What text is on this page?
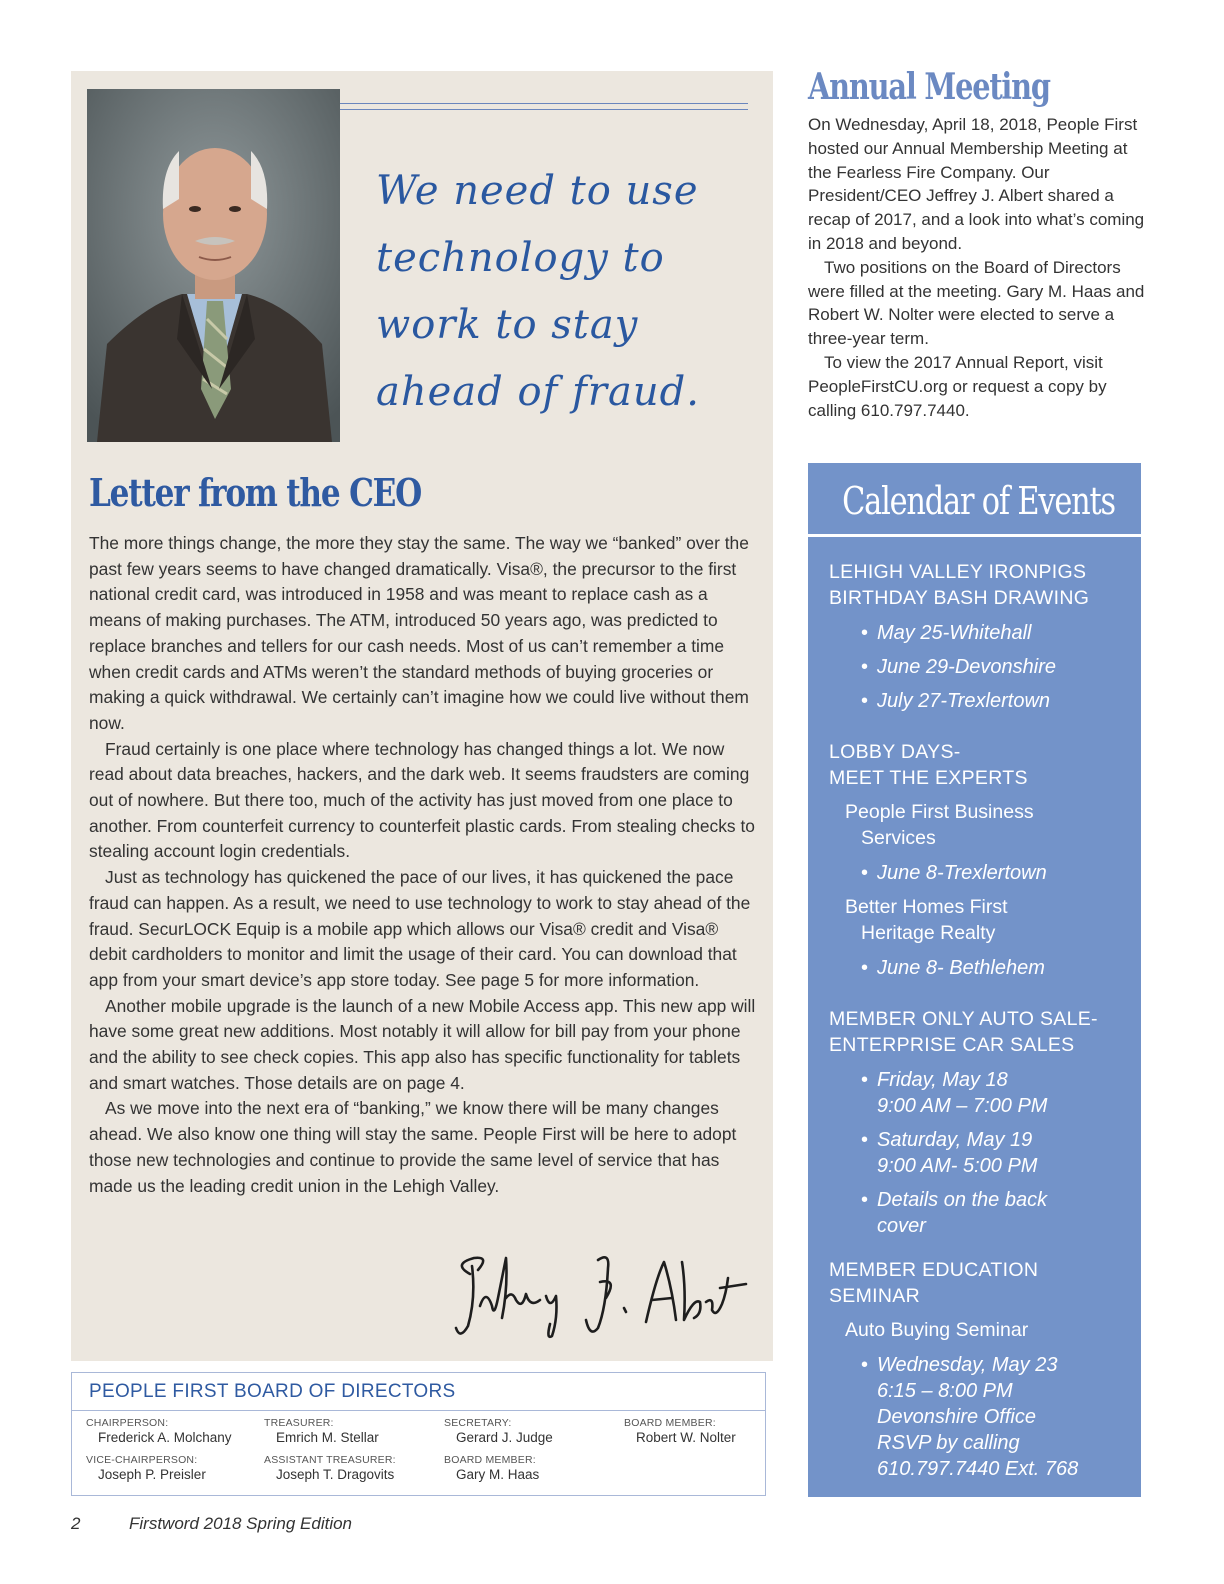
We need to use
technology to
work to stay
ahead of fraud.
Letter from the CEO

The more things change, the more they stay the same. The way we “banked” over the past few years seems to have changed dramatically. Visa®, the precursor to the first national credit card, was introduced in 1958 and was meant to replace cash as a means of making purchases. The ATM, introduced 50 years ago, was predicted to replace branches and tellers for our cash needs. Most of us can’t remember a time when credit cards and ATMs weren’t the standard methods of buying groceries or making a quick withdrawal. We certainly can’t imagine how we could live without them now.

Fraud certainly is one place where technology has changed things a lot. We now read about data breaches, hackers, and the dark web. It seems fraudsters are coming out of nowhere. But there too, much of the activity has just moved from one place to another. From counterfeit currency to counterfeit plastic cards. From stealing checks to stealing account login credentials.

Just as technology has quickened the pace of our lives, it has quickened the pace fraud can happen. As a result, we need to use technology to work to stay ahead of the fraud. SecurLOCK Equip is a mobile app which allows our Visa® credit and Visa® debit cardholders to monitor and limit the usage of their card. You can download that app from your smart device’s app store today. See page 5 for more information.

Another mobile upgrade is the launch of a new Mobile Access app. This new app will have some great new additions. Most notably it will allow for bill pay from your phone and the ability to see check copies. This app also has specific functionality for tablets and smart watches. Those details are on page 4.

As we move into the next era of “banking,” we know there will be many changes ahead. We also know one thing will stay the same. People First will be here to adopt those new technologies and continue to provide the same level of service that has made us the leading credit union in the Lehigh Valley.

PEOPLE FIRST BOARD OF DIRECTORS
CHAIRPERSON:
Frederick A. Molchany
TREASURER:
Emrich M. Stellar
SECRETARY:
Gerard J. Judge
BOARD MEMBER:
Robert W. Nolter
VICE-CHAIRPERSON:
Joseph P. Preisler
ASSISTANT TREASURER:
Joseph T. Dragovits
BOARD MEMBER:
Gary M. Haas
2	Firstword 2018 Spring Edition
Annual Meeting

On Wednesday, April 18, 2018, People First hosted our Annual Membership Meeting at the Fearless Fire Company. Our President/CEO Jeffrey J. Albert shared a recap of 2017, and a look into what’s coming in 2018 and beyond.

Two positions on the Board of Directors were filled at the meeting. Gary M. Haas and Robert W. Nolter were elected to serve a three-year term.

To view the 2017 Annual Report, visit PeopleFirstCU.org or request a copy by calling 610.797.7440.

Calendar of Events
LEHIGH VALLEY IRONPIGS
BIRTHDAY BASH DRAWING
• May 25-Whitehall
• June 29-Devonshire
• July 27-Trexlertown
LOBBY DAYS-
MEET THE EXPERTS
People First Business
Services
• June 8-Trexlertown
Better Homes First
Heritage Realty
• June 8- Bethlehem
MEMBER ONLY AUTO SALE-
ENTERPRISE CAR SALES
• Friday, May 18
9:00 AM – 7:00 PM
• Saturday, May 19
9:00 AM- 5:00 PM
• Details on the back
cover
MEMBER EDUCATION
SEMINAR
Auto Buying Seminar
• Wednesday, May 23
6:15 – 8:00 PM
Devonshire Office
RSVP by calling
610.797.7440 Ext. 768
